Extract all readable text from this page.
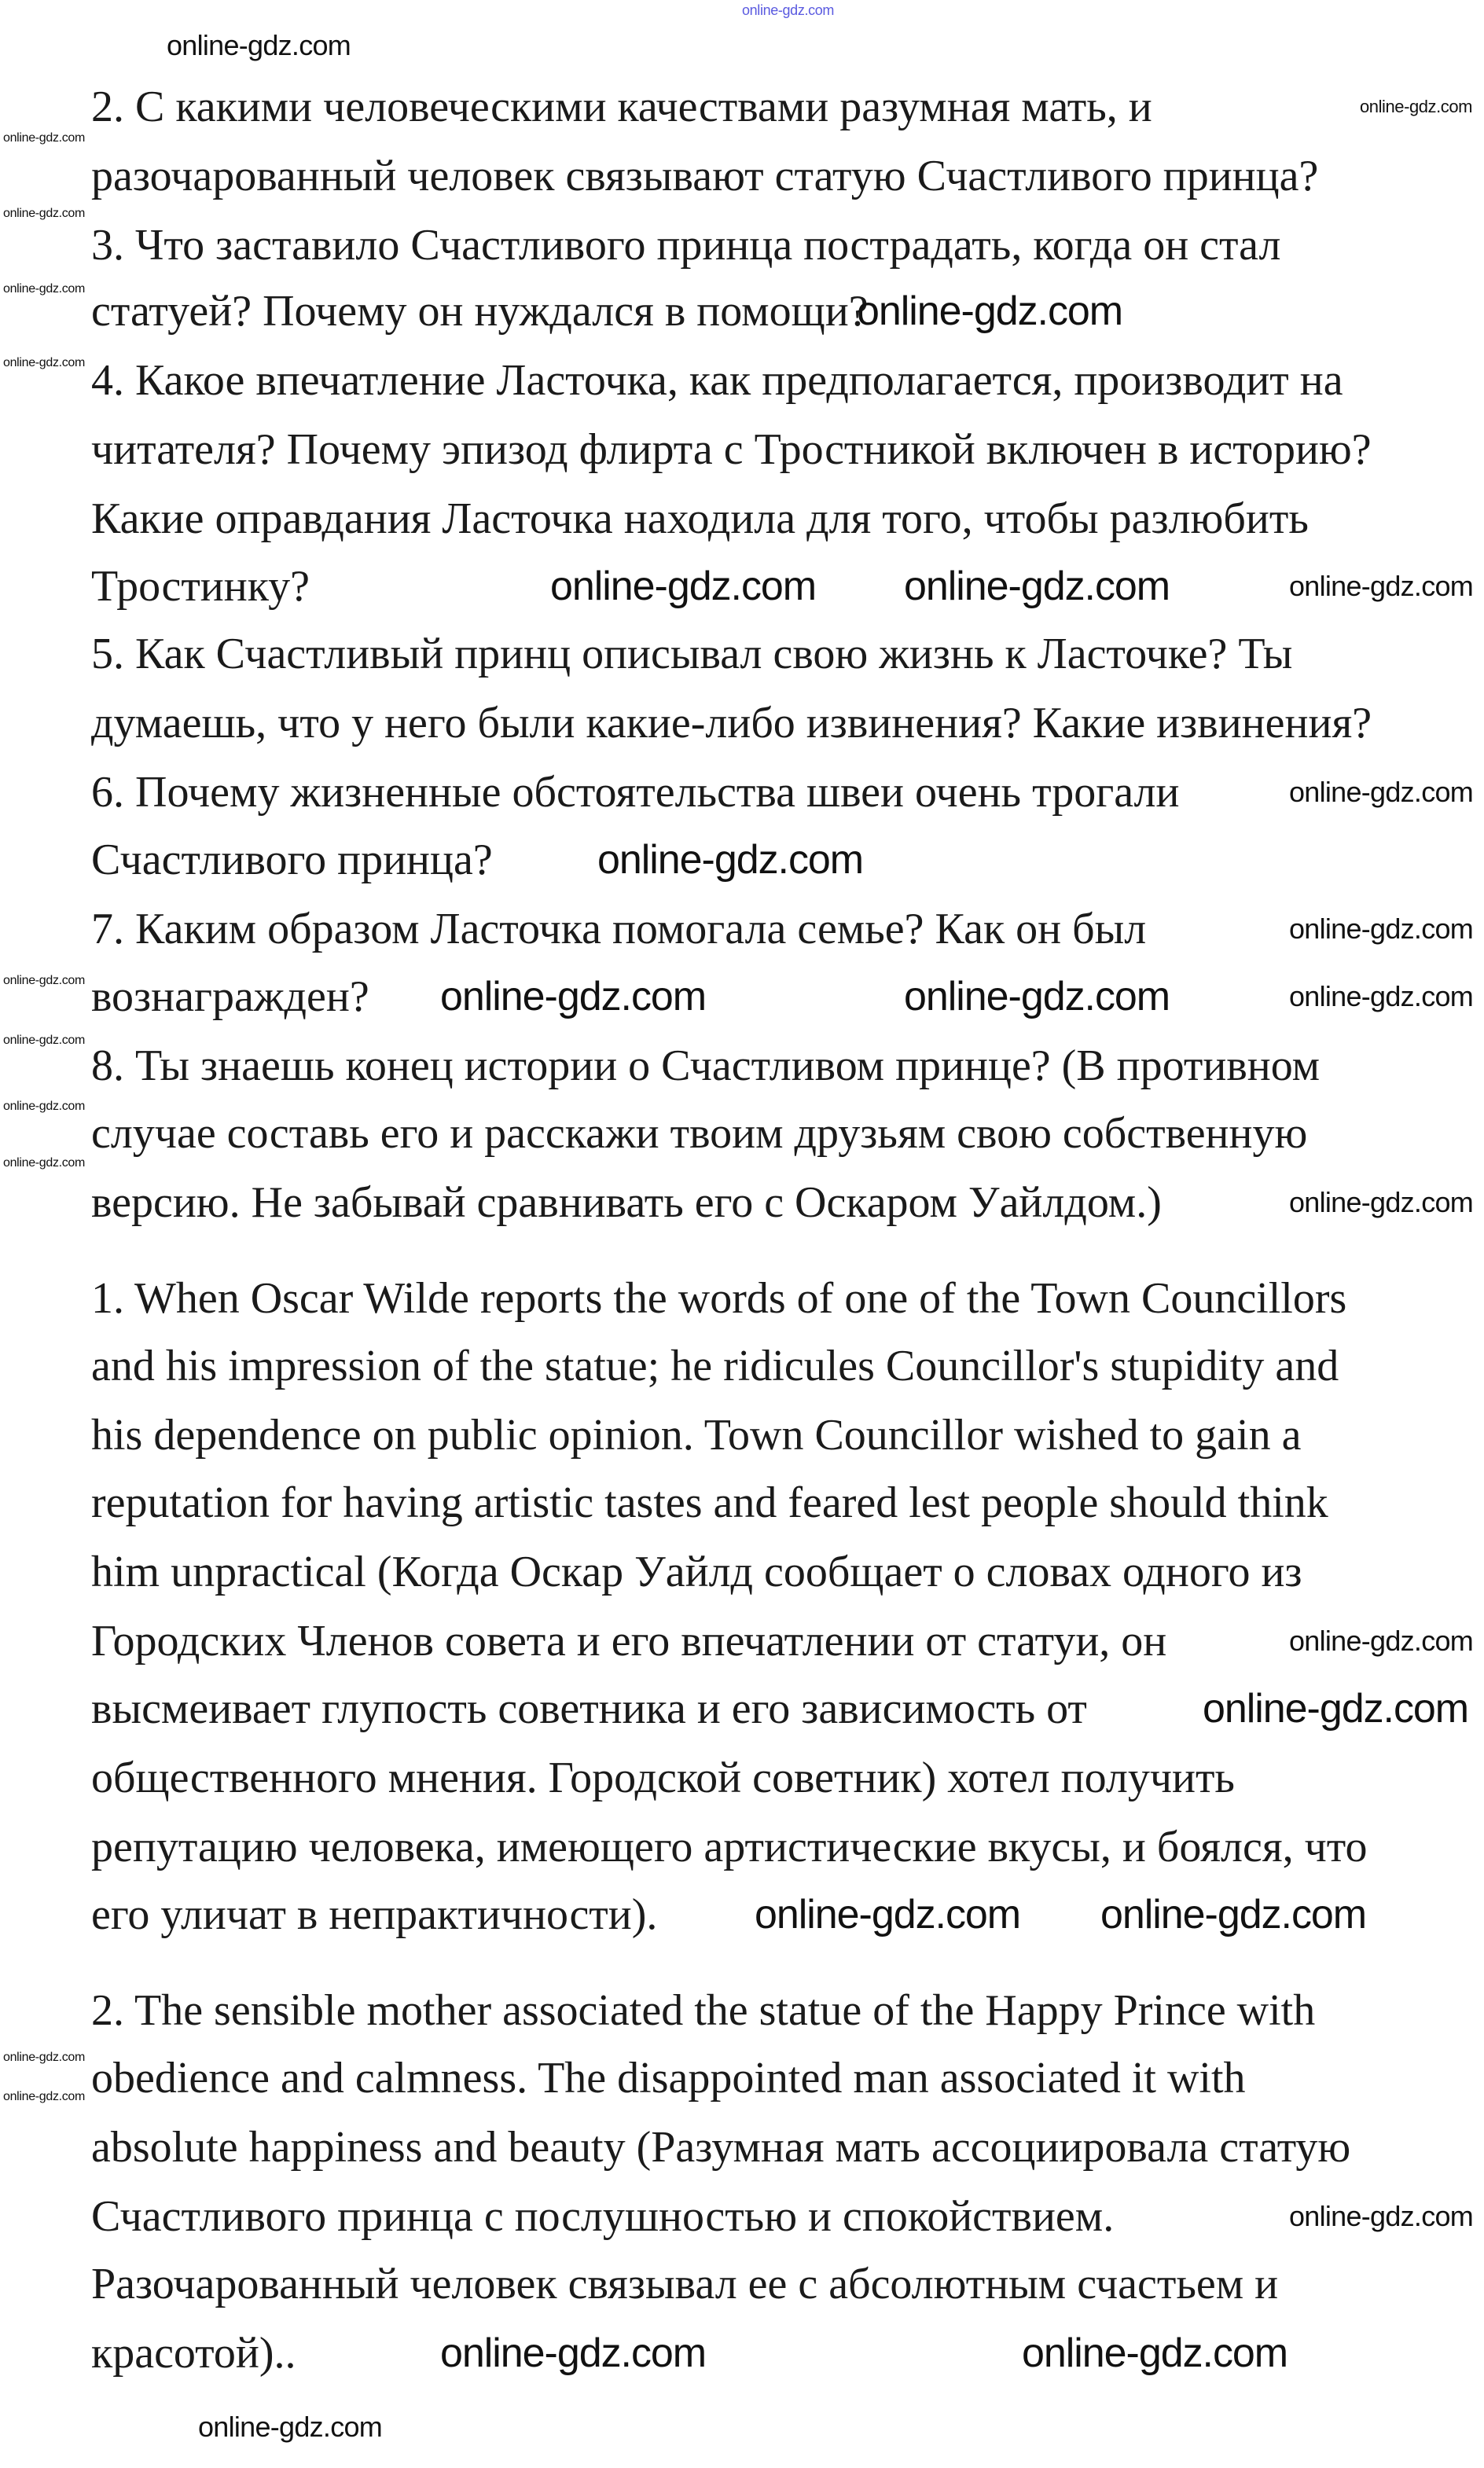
2. С какими человеческими качествами разумная мать, и
разочарованный человек связывают статую Счастливого принца?
3. Что заставило Счастливого принца пострадать, когда он стал
статуей? Почему он нуждался в помощи?
4. Какое впечатление Ласточка, как предполагается, производит на
читателя? Почему эпизод флирта с Тростникой включен в историю?
Какие оправдания Ласточка находила для того, чтобы разлюбить
Тростинку?
5. Как Счастливый принц описывал свою жизнь к Ласточке? Ты
думаешь, что у него были какие-либо извинения? Какие извинения?
6. Почему жизненные обстоятельства швеи очень трогали
Счастливого принца?
7. Каким образом Ласточка помогала семье? Как он был
вознагражден?
8. Ты знаешь конец истории о Счастливом принце? (В противном
случае составь его и расскажи твоим друзьям свою собственную
версию. Не забывай сравнивать его с Оскаром Уайлдом.)
1. When Oscar Wilde reports the words of one of the Town Councillors
and his impression of the statue; he ridicules Councillor's stupidity and
his dependence on public opinion. Town Councillor wished to gain a
reputation for having artistic tastes and feared lest people should think
him unpractical (Когда Оскар Уайлд сообщает о словах одного из
Городских Членов совета и его впечатлении от статуи, он
высмеивает глупость советника и его зависимость от
общественного мнения. Городской советник) хотел получить
репутацию человека, имеющего артистические вкусы, и боялся, что
его уличат в непрактичности).
2. The sensible mother associated the statue of the Happy Prince with
obedience and calmness. The disappointed man associated it with
absolute happiness and beauty (Разумная мать ассоциировала статую
Счастливого принца с послушностью и спокойствием.
Разочарованный человек связывал ее с абсолютным счастьем и
красотой)..
online-gdz.com
online-gdz.com
online-gdz.com online-gdz.com
online-gdz.com
online-gdz.com
online-gdz.com
online-gdz.com
online-gdz.com online-gdz.com
online-gdz.com
online-gdz.com
online-gdz.com
online-gdz.com
online-gdz.com
online-gdz.com
online-gdz.com
online-gdz.com
online-gdz.com
online-gdz.com
online-gdz.com
online-gdz.com
online-gdz.com
online-gdz.com
online-gdz.com
online-gdz.com
online-gdz.com
online-gdz.com
online-gdz.com
online-gdz.com
online-gdz.com
online-gdz.com
